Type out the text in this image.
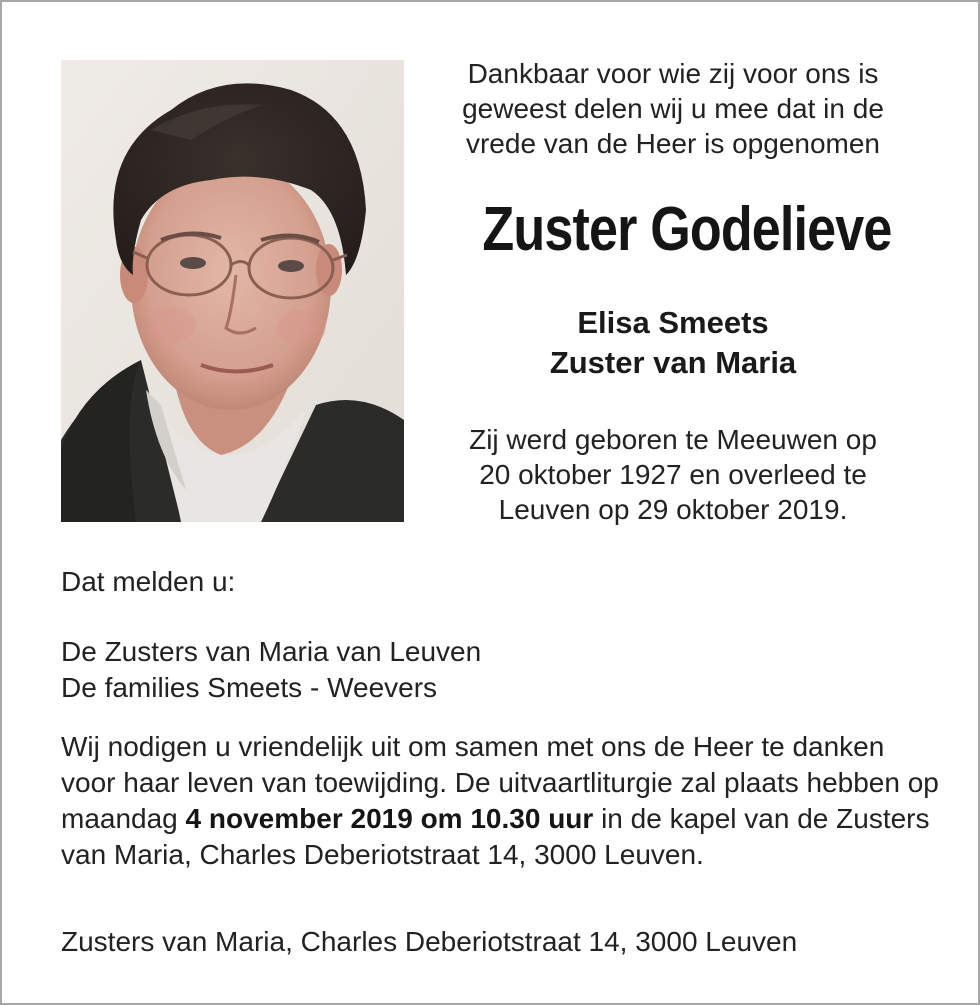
Dankbaar voor wie zij voor ons is
geweest delen wij u mee dat in de
vrede van de Heer is opgenomen
Zuster Godelieve
Elisa Smeets
Zuster van Maria
Zij werd geboren te Meeuwen op
20 oktober 1927 en overleed te
Leuven op 29 oktober 2019.
Dat melden u:
De Zusters van Maria van Leuven
De families Smeets - Weevers
Wij nodigen u vriendelijk uit om samen met ons de Heer te danken voor haar leven van toewijding. De uitvaartliturgie zal plaats hebben op maandag 4 november 2019 om 10.30 uur in de kapel van de Zusters van Maria, Charles Deberiotstraat 14, 3000 Leuven.
Zusters van Maria, Charles Deberiotstraat 14, 3000 Leuven
